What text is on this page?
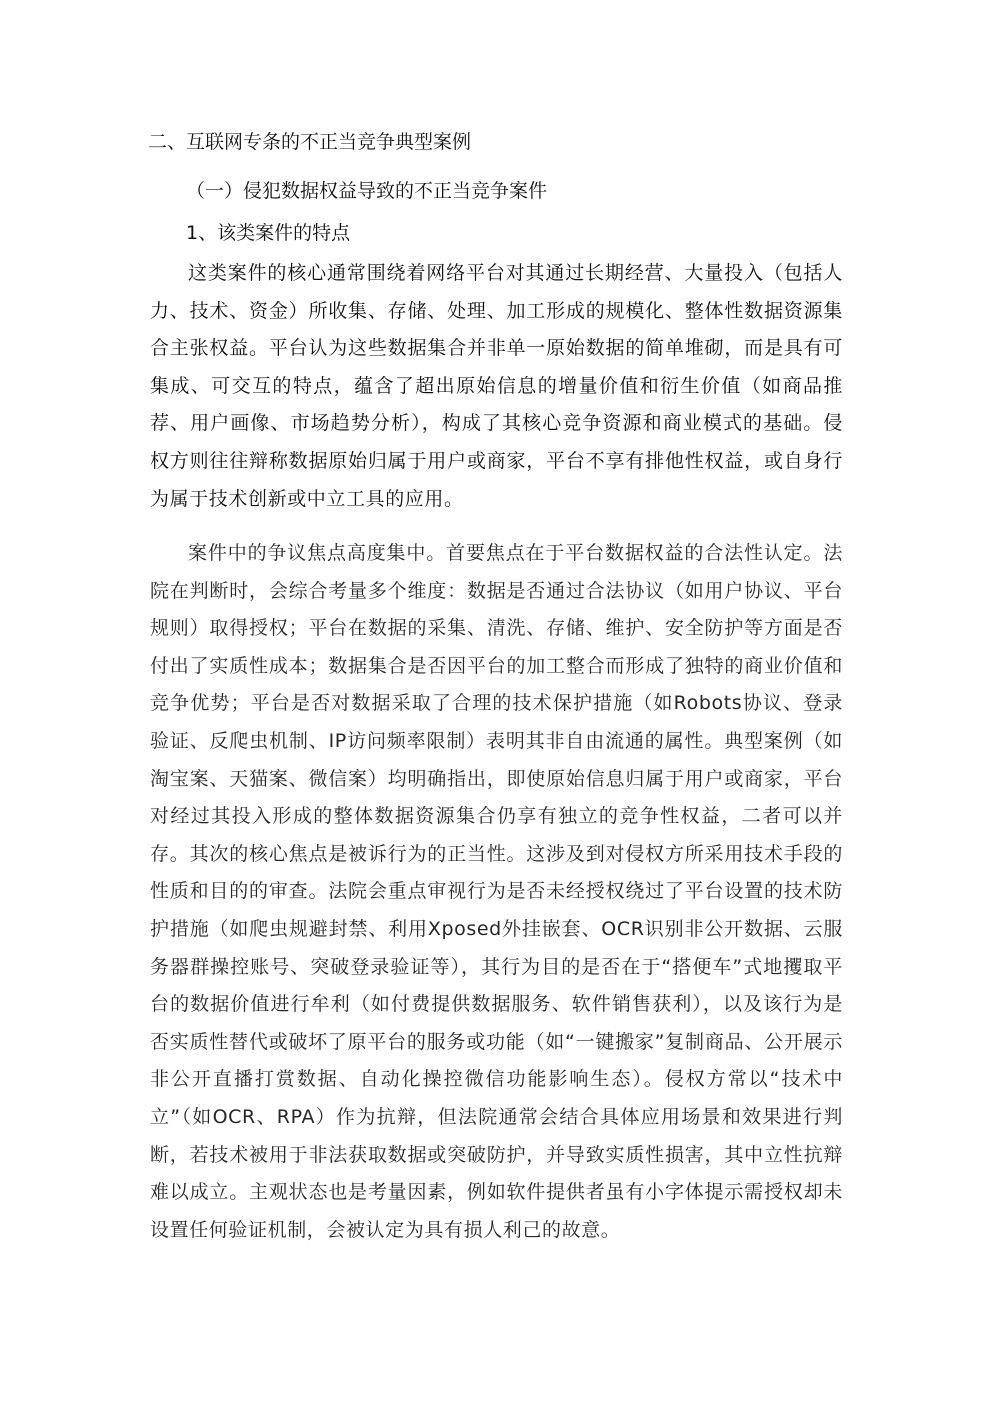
二、互联网专条的不正当竞争典型案例
（一）侵犯数据权益导致的不正当竞争案件
1、该类案件的特点

这类案件的核心通常围绕着网络平台对其通过长期经营、大量投入（包括人力、技术、资金）所收集、存储、处理、加工形成的规模化、整体性数据资源集合主张权益。平台认为这些数据集合并非单一原始数据的简单堆砌，而是具有可集成、可交互的特点，蕴含了超出原始信息的增量价值和衍生价值（如商品推荐、用户画像、市场趋势分析），构成了其核心竞争资源和商业模式的基础。侵权方则往往辩称数据原始归属于用户或商家，平台不享有排他性权益，或自身行为属于技术创新或中立工具的应用。

案件中的争议焦点高度集中。首要焦点在于平台数据权益的合法性认定。法院在判断时，会综合考量多个维度：数据是否通过合法协议（如用户协议、平台规则）取得授权；平台在数据的采集、清洗、存储、维护、安全防护等方面是否付出了实质性成本；数据集合是否因平台的加工整合而形成了独特的商业价值和竞争优势；平台是否对数据采取了合理的技术保护措施（如Robots协议、登录验证、反爬虫机制、IP访问频率限制）表明其非自由流通的属性。典型案例（如淘宝案、天猫案、微信案）均明确指出，即使原始信息归属于用户或商家，平台对经过其投入形成的整体数据资源集合仍享有独立的竞争性权益，二者可以并存。其次的核心焦点是被诉行为的正当性。这涉及到对侵权方所采用技术手段的性质和目的的审查。法院会重点审视行为是否未经授权绕过了平台设置的技术防护措施（如爬虫规避封禁、利用Xposed外挂嵌套、OCR识别非公开数据、云服务器群操控账号、突破登录验证等），其行为目的是否在于“搭便车”式地攫取平台的数据价值进行牟利（如付费提供数据服务、软件销售获利），以及该行为是否实质性替代或破坏了原平台的服务或功能（如“一键搬家”复制商品、公开展示非公开直播打赏数据、自动化操控微信功能影响生态）。侵权方常以“技术中立”（如OCR、RPA）作为抗辩，但法院通常会结合具体应用场景和效果进行判断，若技术被用于非法获取数据或突破防护，并导致实质性损害，其中立性抗辩难以成立。主观状态也是考量因素，例如软件提供者虽有小字体提示需授权却未设置任何验证机制，会被认定为具有损人利己的故意。
